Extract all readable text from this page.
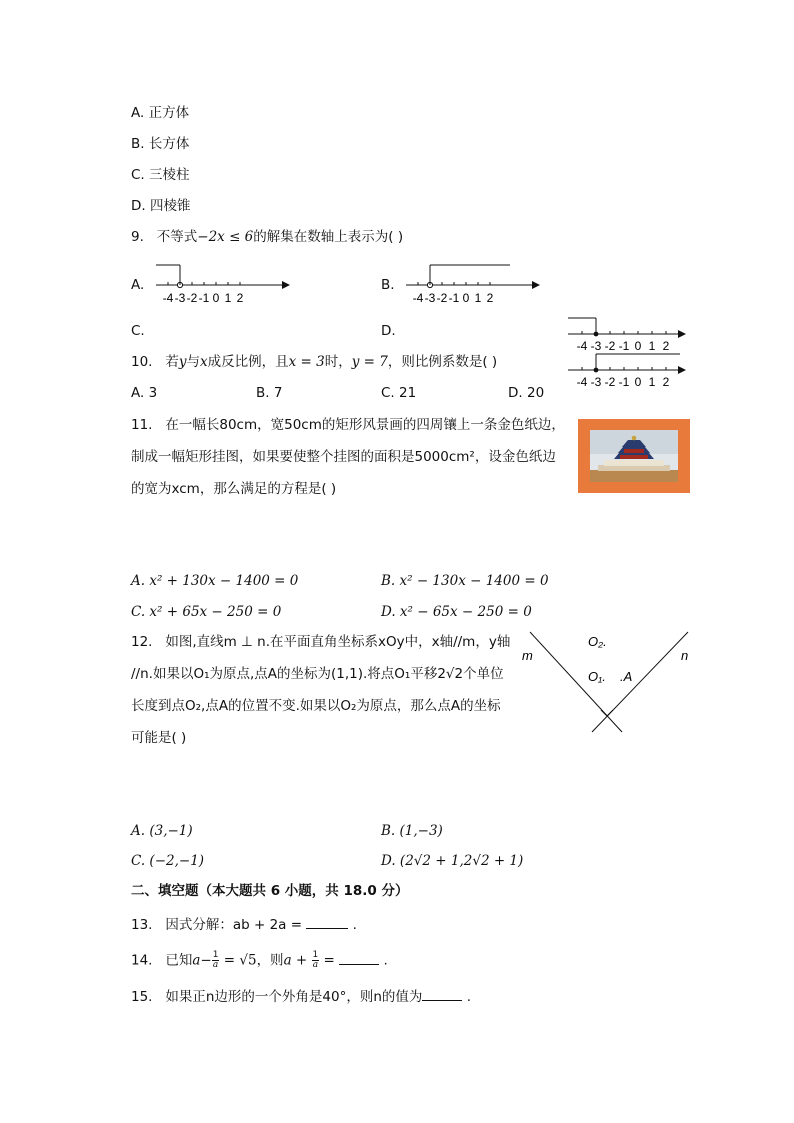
A. 正方体
B. 长方体
C. 三棱柱
D. 四棱锥
9. 不等式−2x ≤ 6的解集在数轴上表示为( )
A.
-4 -3 -2 -1 0 1 2
B.
-4 -3 -2 -1 0 1 2
C.	D.
-4 -3 -2 -1 0 1 2
-4 -3 -2 -1 0 1 2
10. 若y与x成反比例，且x = 3时，y = 7，则比例系数是( )
A. 3	B. 7	C. 21	D. 20
11. 在一幅长80cm，宽50cm的矩形风景画的四周镶上一条金色纸边，
制成一幅矩形挂图，如果要使整个挂图的面积是5000cm²，设金色纸边
的宽为xcm，那么满足的方程是( )
A. x² + 130x − 1400 = 0	B. x² − 130x − 1400 = 0
C. x² + 65x − 250 = 0	D. x² − 65x − 250 = 0
12. 如图,直线m ⊥ n.在平面直角坐标系xOy中，x轴//m，y轴
//n.如果以O₁为原点,点A的坐标为(1,1).将点O₁平移2√2个单位
长度到点O₂,点A的位置不变.如果以O₂为原点，那么点A的坐标
可能是( )
m	n
O₂.
O₁. .A
A. (3,−1)	B. (1,−3)
C. (−2,−1)	D. (2√2 + 1,2√2 + 1)
二、填空题（本大题共 6 小题，共 18.0 分）
13. 因式分解：ab + 2a =	.
14. 已知$a- \frac{1}{a} = √5$，则$a + \frac{1}{a}$ =	.
15. 如果正n边形的一个外角是40°，则n的值为	.
